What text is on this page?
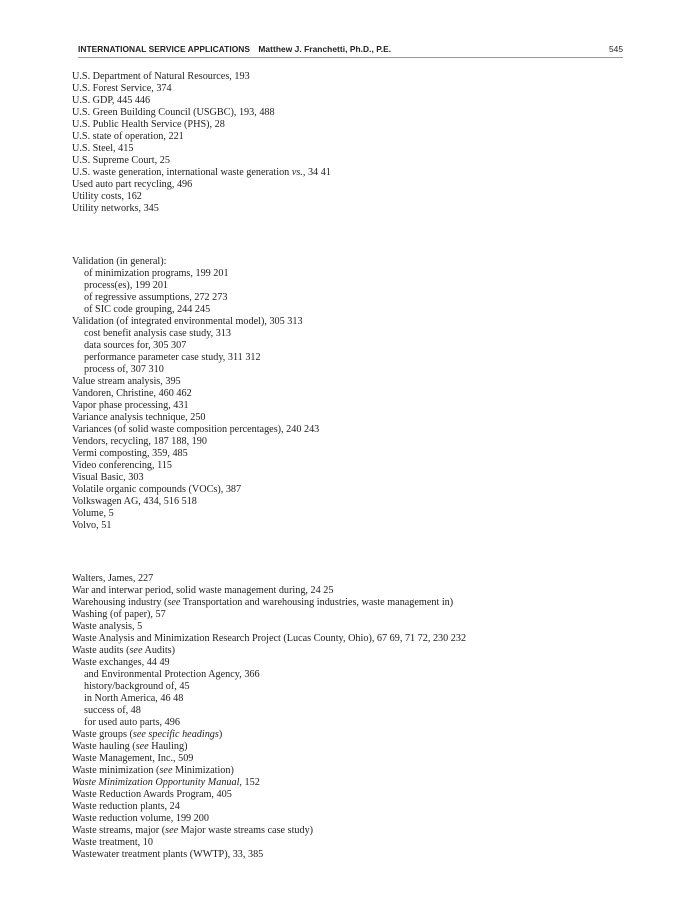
INTERNATIONAL SERVICE APPLICATIONS Matthew J. Franchetti, Ph.D., P.E.	545
U.S. Department of Natural Resources, 193
U.S. Forest Service, 374
U.S. GDP, 445 446
U.S. Green Building Council (USGBC), 193, 488
U.S. Public Health Service (PHS), 28
U.S. state of operation, 221
U.S. Steel, 415
U.S. Supreme Court, 25
U.S. waste generation, international waste generation vs., 34 41
Used auto part recycling, 496
Utility costs, 162
Utility networks, 345
Validation (in general):
of minimization programs, 199 201
process(es), 199 201
of regressive assumptions, 272 273
of SIC code grouping, 244 245
Validation (of integrated environmental model), 305 313
cost benefit analysis case study, 313
data sources for, 305 307
performance parameter case study, 311 312
process of, 307 310
Value stream analysis, 395
Vandoren, Christine, 460 462
Vapor phase processing, 431
Variance analysis technique, 250
Variances (of solid waste composition percentages), 240 243
Vendors, recycling, 187 188, 190
Vermi composting, 359, 485
Video conferencing, 115
Visual Basic, 303
Volatile organic compounds (VOCs), 387
Volkswagen AG, 434, 516 518
Volume, 5
Volvo, 51
Walters, James, 227
War and interwar period, solid waste management during, 24 25
Warehousing industry (see Transportation and warehousing industries, waste management in)
Washing (of paper), 57
Waste analysis, 5
Waste Analysis and Minimization Research Project (Lucas County, Ohio), 67 69, 71 72, 230 232
Waste audits (see Audits)
Waste exchanges, 44 49
and Environmental Protection Agency, 366
history/background of, 45
in North America, 46 48
success of, 48
for used auto parts, 496
Waste groups (see specific headings)
Waste hauling (see Hauling)
Waste Management, Inc., 509
Waste minimization (see Minimization)
Waste Minimization Opportunity Manual, 152
Waste Reduction Awards Program, 405
Waste reduction plants, 24
Waste reduction volume, 199 200
Waste streams, major (see Major waste streams case study)
Waste treatment, 10
Wastewater treatment plants (WWTP), 33, 385
